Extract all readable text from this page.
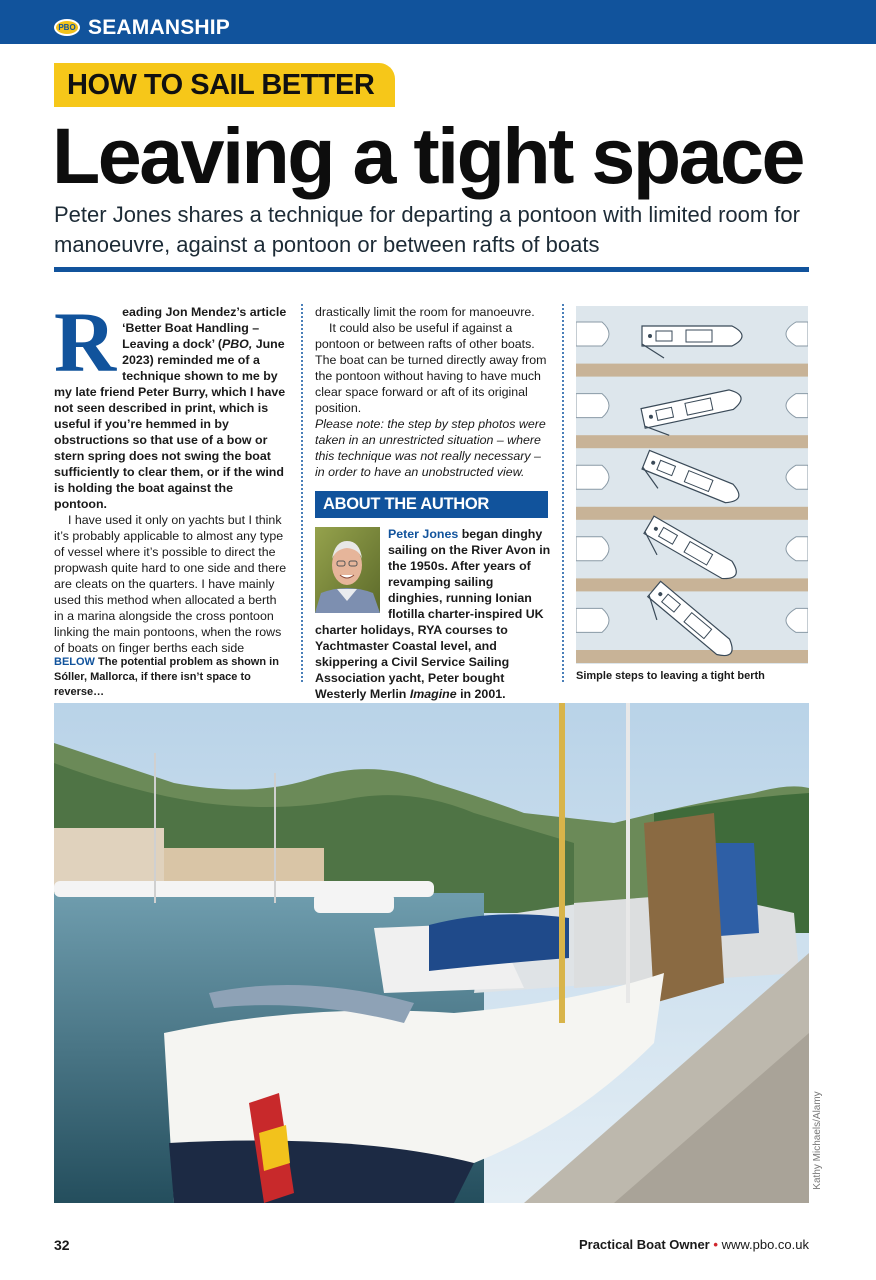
PBO SEAMANSHIP
HOW TO SAIL BETTER
Leaving a tight space
Peter Jones shares a technique for departing a pontoon with limited room for manoeuvre, against a pontoon or between rafts of boats

Reading Jon Mendez’s article ‘Better Boat Handling – Leaving a dock’ (PBO, June 2023) reminded me of a technique shown to me by my late friend Peter Burry, which I have not seen described in print, which is useful if you’re hemmed in by obstructions so that use of a bow or stern spring does not swing the boat sufficiently to clear them, or if the wind is holding the boat against the pontoon.

I have used it only on yachts but I think it’s probably applicable to almost any type of vessel where it’s possible to direct the propwash quite hard to one side and there are cleats on the quarters. I have mainly used this method when allocated a berth in a marina alongside the cross pontoon linking the main pontoons, when the rows of boats on finger berths each side

BELOW The potential problem as shown in Sóller, Mallorca, if there isn’t space to reverse…

drastically limit the room for manoeuvre.

It could also be useful if against a pontoon or between rafts of other boats. The boat can be turned directly away from the pontoon without having to have much clear space forward or aft of its original position.

Please note: the step by step photos were taken in an unrestricted situation – where this technique was not really necessary – in order to have an unobstructed view.

ABOUT THE AUTHOR
Peter Jones began dinghy sailing on the River Avon in the 1950s. After years of revamping sailing dinghies, running Ionian flotilla charter-inspired UK charter holidays, RYA courses to Yachtmaster Coastal level, and skippering a Civil Service Sailing Association yacht, Peter bought Westerly Merlin Imagine in 2001.
Simple steps to leaving a tight berth
Kathy Michaels/Alamy
32	Practical Boat Owner • www.pbo.co.uk
